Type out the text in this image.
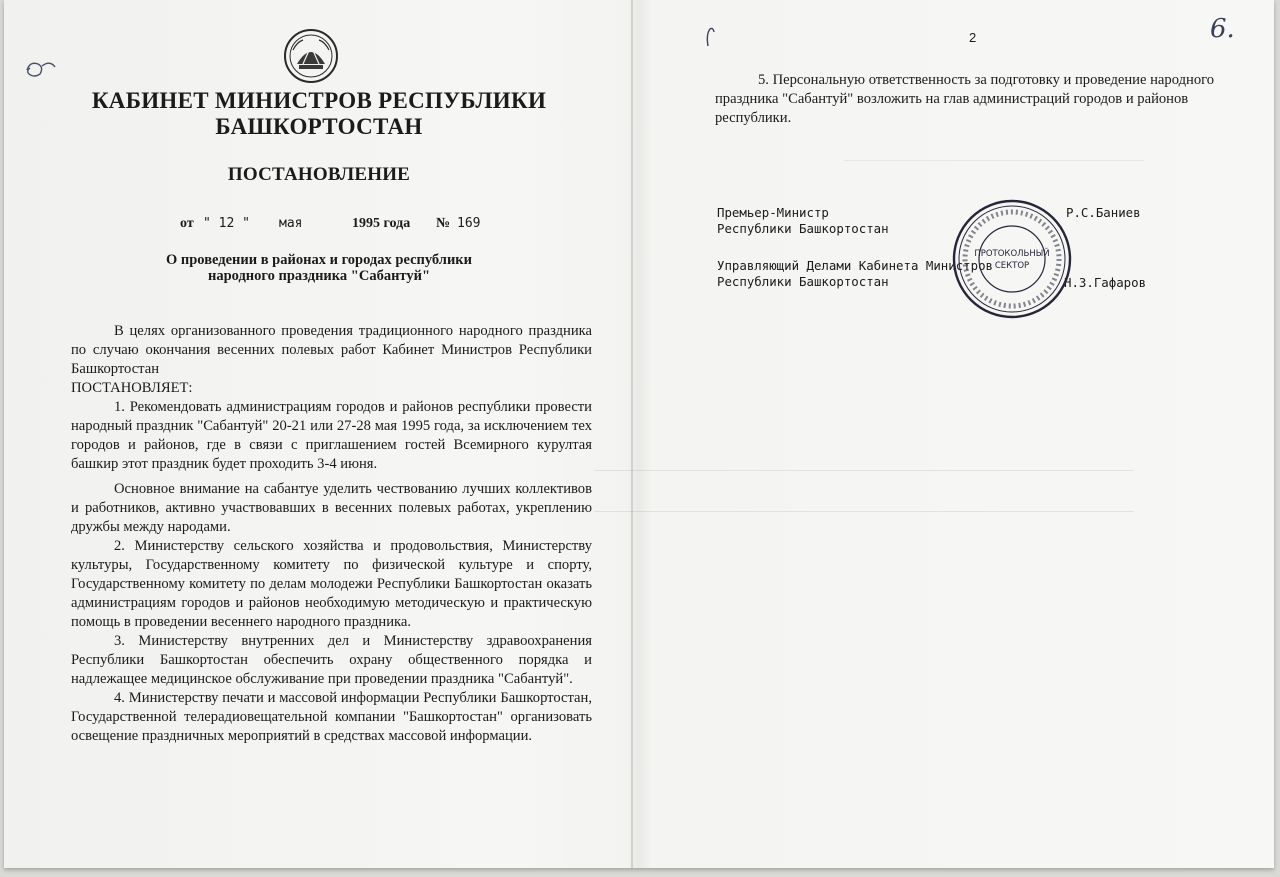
КАБИНЕТ МИНИСТРОВ РЕСПУБЛИКИ
БАШКОРТОСТАН
ПОСТАНОВЛЕНИЕ
от " 12 " мая	1995 года № 169
О проведении в районах и городах республики
народного праздника "Сабантуй"

В целях организованного проведения традиционного народного праздника по случаю окончания весенних полевых работ Кабинет Министров Республики Башкортостан

ПОСТАНОВЛЯЕТ:

1. Рекомендовать администрациям городов и районов республики провести народный праздник "Сабантуй" 20-21 или 27-28 мая 1995 года, за исключением тех городов и районов, где в связи с приглашением гостей Всемирного курултая башкир этот праздник будет проходить 3-4 июня.

Основное внимание на сабантуе уделить чествованию лучших коллективов и работников, активно участвовавших в весенних полевых работах, укреплению дружбы между народами.

2. Министерству сельского хозяйства и продовольствия, Министерству культуры, Государственному комитету по физической культуре и спорту, Государственному комитету по делам молодежи Республики Башкортостан оказать администрациям городов и районов необходимую методическую и практическую помощь в проведении весеннего народного праздника.

3. Министерству внутренних дел и Министерству здравоохранения Республики Башкортостан обеспечить охрану общественного порядка и надлежащее медицинское обслуживание при проведении праздника "Сабантуй".

4. Министерству печати и массовой информации Республики Башкортостан, Государственной телерадиовещательной компании "Башкортостан" организовать освещение праздничных мероприятий в средствах массовой информации.

2	6.

5. Персональную ответственность за подготовку и проведение народного праздника "Сабантуй" возложить на глав администраций городов и районов республики.

Премьер-Министр
Республики Башкортостан
Р.С.Баниев
Управляющий Делами Кабинета Министров
Республики Башкортостан	Н.З.Гафаров
ПРОТОКОЛЬНЫЙ
СЕКТОР
